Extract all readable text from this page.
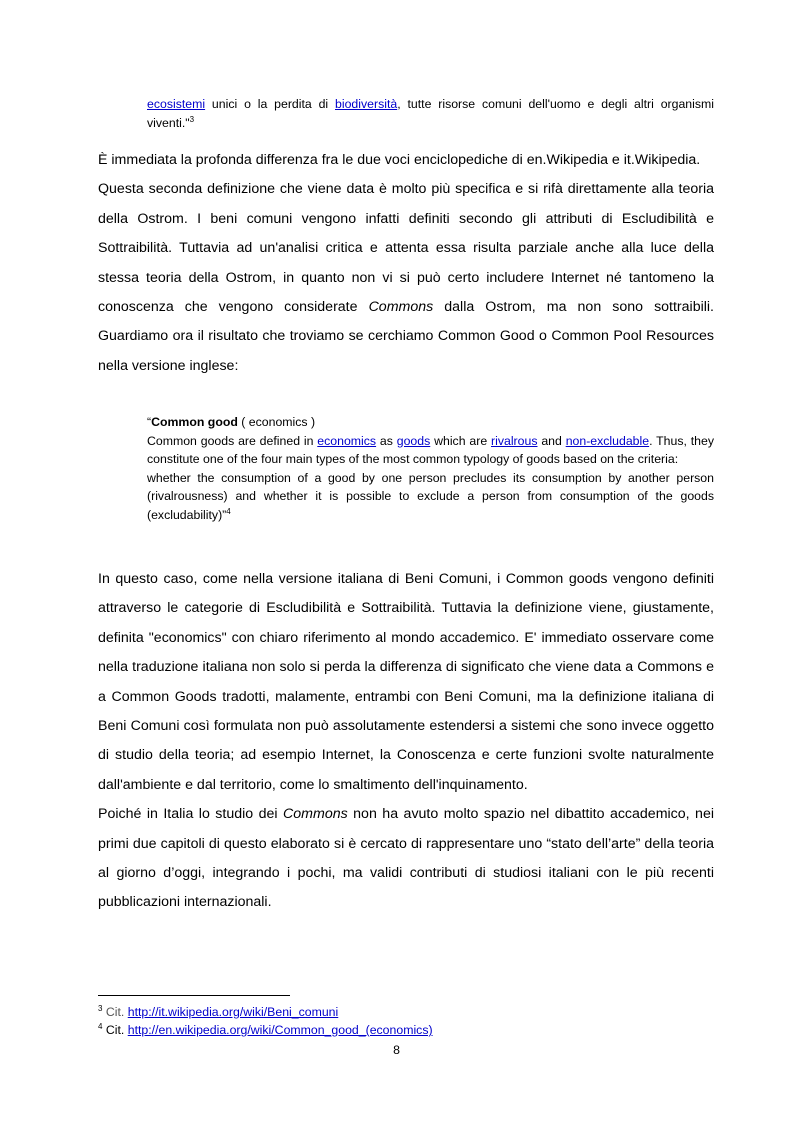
ecosistemi unici o la perdita di biodiversità, tutte risorse comuni dell'uomo e degli altri organismi viventi."$^3$

È immediata la profonda differenza fra le due voci enciclopediche di en.Wikipedia e it.Wikipedia.

Questa seconda definizione che viene data è molto più specifica e si rifà direttamente alla teoria della Ostrom. I beni comuni vengono infatti definiti secondo gli attributi di Escludibilità e Sottraibilità. Tuttavia ad un'analisi critica e attenta essa risulta parziale anche alla luce della stessa teoria della Ostrom, in quanto non vi si può certo includere Internet né tantomeno la conoscenza che vengono considerate Commons dalla Ostrom, ma non sono sottraibili. Guardiamo ora il risultato che troviamo se cerchiamo Common Good o Common Pool Resources nella versione inglese:

“Common good ( economics )

Common goods are defined in economics as goods which are rivalrous and non-excludable. Thus, they constitute one of the four main types of the most common typology of goods based on the criteria:

whether the consumption of a good by one person precludes its consumption by another person (rivalrousness) and whether it is possible to exclude a person from consumption of the goods (excludability)”$^4$

In questo caso, come nella versione italiana di Beni Comuni, i Common goods vengono definiti attraverso le categorie di Escludibilità e Sottraibilità. Tuttavia la definizione viene, giustamente, definita "economics" con chiaro riferimento al mondo accademico. E' immediato osservare come nella traduzione italiana non solo si perda la differenza di significato che viene data a Commons e a Common Goods tradotti, malamente, entrambi con Beni Comuni, ma la definizione italiana di Beni Comuni così formulata non può assolutamente estendersi a sistemi che sono invece oggetto di studio della teoria; ad esempio Internet, la Conoscenza e certe funzioni svolte naturalmente dall'ambiente e dal territorio, come lo smaltimento dell'inquinamento.

Poiché in Italia lo studio dei Commons non ha avuto molto spazio nel dibattito accademico, nei primi due capitoli di questo elaborato si è cercato di rappresentare uno “stato dell’arte” della teoria al giorno d’oggi, integrando i pochi, ma validi contributi di studiosi italiani con le più recenti pubblicazioni internazionali.

$^3$ Cit. http://it.wikipedia.org/wiki/Beni_comuni

$^4$ Cit. http://en.wikipedia.org/wiki/Common_good_(economics)

8
